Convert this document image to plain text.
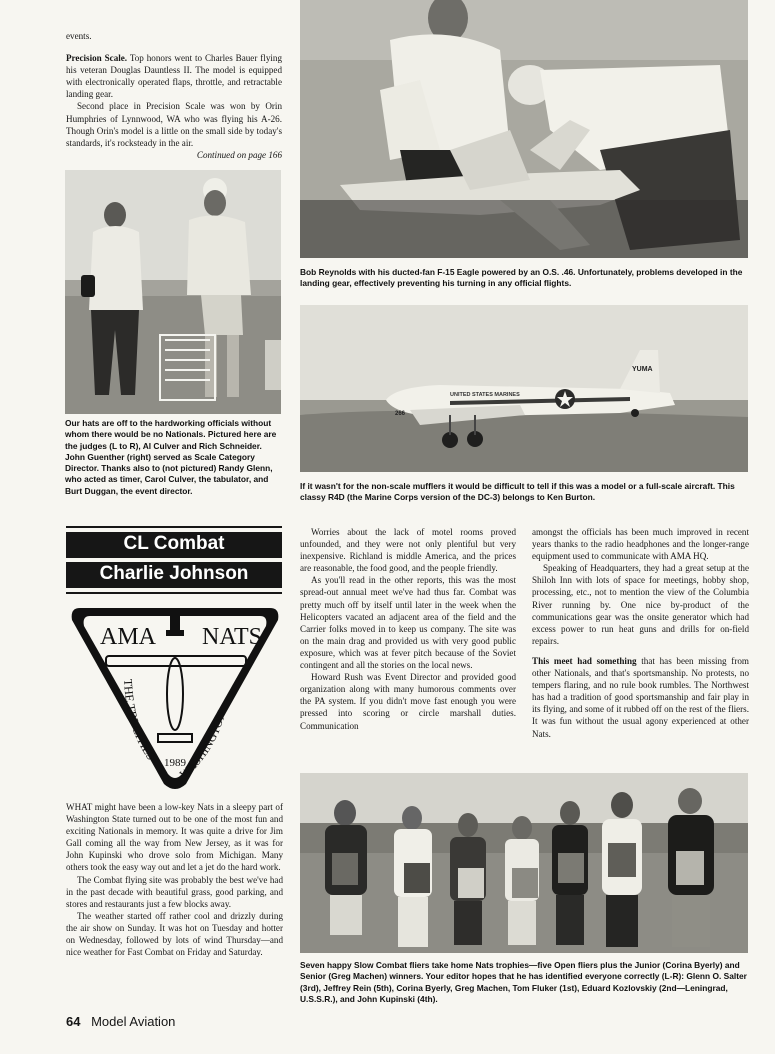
events.

Precision Scale. Top honors went to Charles Bauer flying his veteran Douglas Dauntless II. The model is equipped with electronically operated flaps, throttle, and retractable landing gear.

Second place in Precision Scale was won by Orin Humphries of Lynnwood, WA who was flying his A-26. Though Orin's model is a little on the small side by today's standards, it's rocksteady in the air.

Continued on page 166
Our hats are off to the hardworking officials without whom there would be no Nationals. Pictured here are the judges (L to R), Al Culver and Rich Schneider. John Guenther (right) served as Scale Category Director. Thanks also to (not pictured) Randy Glenn, who acted as timer, Carol Culver, the tabulator, and Burt Duggan, the event director.
Bob Reynolds with his ducted-fan F-15 Eagle powered by an O.S. .46. Unfortunately, problems developed in the landing gear, effectively preventing his turning in any official flights.
YUMA
UNITED STATES MARINES
266
If it wasn't for the non-scale mufflers it would be difficult to tell if this was a model or a full-scale aircraft. This classy R4D (the Marine Corps version of the DC-3) belongs to Ken Burton.
CL Combat
Charlie Johnson
AMA NATS
THE TRI-CITIES
WASHINGTON
1989

WHAT might have been a low-key Nats in a sleepy part of Washington State turned out to be one of the most fun and exciting Nationals in memory. It was quite a drive for Jim Gall coming all the way from New Jersey, as it was for John Kupinski who drove solo from Michigan. Many others took the easy way out and let a jet do the hard work.

The Combat flying site was probably the best we've had in the past decade with beautiful grass, good parking, and stores and restaurants just a few blocks away.

The weather started off rather cool and drizzly during the air show on Sunday. It was hot on Tuesday and hotter on Wednesday, followed by lots of wind Thursday—and nice weather for Fast Combat on Friday and Saturday.

Worries about the lack of motel rooms proved unfounded, and they were not only plentiful but very inexpensive. Richland is middle America, and the prices are reasonable, the food good, and the people friendly.

As you'll read in the other reports, this was the most spread-out annual meet we've had thus far. Combat was pretty much off by itself until later in the week when the Helicopters vacated an adjacent area of the field and the Carrier folks moved in to keep us company. The site was on the main drag and provided us with very good public exposure, which was at fever pitch because of the Soviet contingent and all the stories on the local news.

Howard Rush was Event Director and provided good organization along with many humorous comments over the PA system. If you didn't move fast enough you were pressed into scoring or circle marshall duties. Communication

amongst the officials has been much improved in recent years thanks to the radio headphones and the longer-range equipment used to communicate with AMA HQ.

Speaking of Headquarters, they had a great setup at the Shiloh Inn with lots of space for meetings, hobby shop, processing, etc., not to mention the view of the Columbia River running by. One nice by-product of the communications gear was the onsite generator which had excess power to run heat guns and drills for on-field repairs.

This meet had something that has been missing from other Nationals, and that's sportsmanship. No protests, no tempers flaring, and no rule book rumbles. The Northwest has had a tradition of good sportsmanship and fair play in its flying, and some of it rubbed off on the rest of the fliers. It was fun without the usual agony experienced at other Nats.

Seven happy Slow Combat fliers take home Nats trophies—five Open fliers plus the Junior (Corina Byerly) and Senior (Greg Machen) winners. Your editor hopes that he has identified everyone correctly (L-R): Glenn O. Salter (3rd), Jeffrey Rein (5th), Corina Byerly, Greg Machen, Tom Fluker (1st), Eduard Kozlovskiy (2nd—Leningrad, U.S.S.R.), and John Kupinski (4th).
64 Model Aviation
